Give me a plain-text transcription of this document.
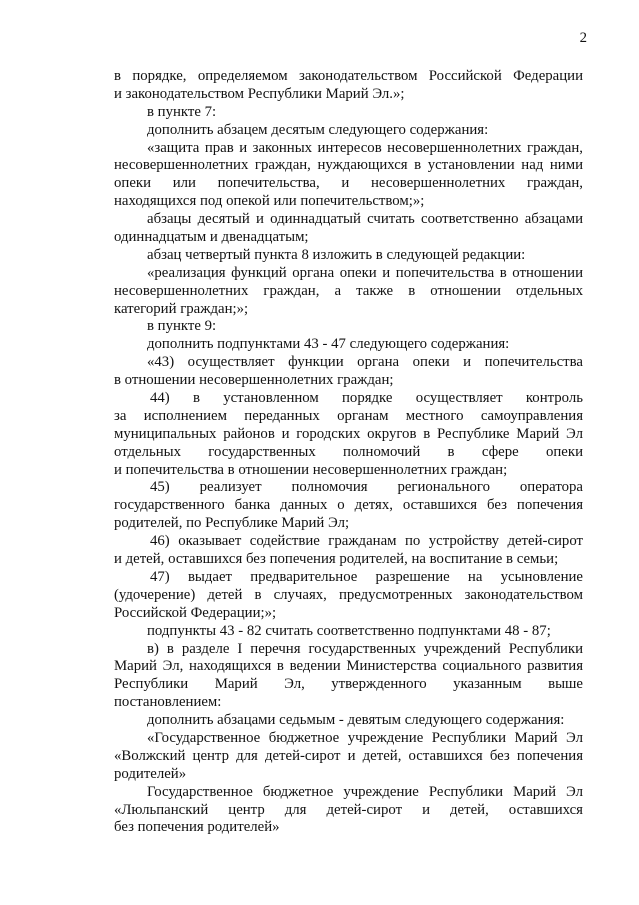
2
в порядке, определяемом законодательством Российской Федерации
и законодательством Республики Марий Эл.»;
в пункте 7:
дополнить абзацем десятым следующего содержания:
«защита прав и законных интересов несовершеннолетних граждан,
несовершеннолетних граждан, нуждающихся в установлении над ними
опеки или попечительства, и несовершеннолетних граждан,
находящихся под опекой или попечительством;»;
абзацы десятый и одиннадцатый считать соответственно абзацами
одиннадцатым и двенадцатым;
абзац четвертый пункта 8 изложить в следующей редакции:
«реализация функций органа опеки и попечительства в отношении
несовершеннолетних граждан, а также в отношении отдельных
категорий граждан;»;
в пункте 9:
дополнить подпунктами 43 - 47 следующего содержания:
«43) осуществляет функции органа опеки и попечительства
в отношении несовершеннолетних граждан;
44) в установленном порядке осуществляет контроль
за исполнением переданных органам местного самоуправления
муниципальных районов и городских округов в Республике Марий Эл
отдельных государственных полномочий в сфере опеки
и попечительства в отношении несовершеннолетних граждан;
45) реализует полномочия регионального оператора
государственного банка данных о детях, оставшихся без попечения
родителей, по Республике Марий Эл;
46) оказывает содействие гражданам по устройству детей-сирот
и детей, оставшихся без попечения родителей, на воспитание в семьи;
47) выдает предварительное разрешение на усыновление
(удочерение) детей в случаях, предусмотренных законодательством
Российской Федерации;»;
подпункты 43 - 82 считать соответственно подпунктами 48 - 87;
в) в разделе I перечня государственных учреждений Республики
Марий Эл, находящихся в ведении Министерства социального развития
Республики Марий Эл, утвержденного указанным выше
постановлением:
дополнить абзацами седьмым - девятым следующего содержания:
«Государственное бюджетное учреждение Республики Марий Эл
«Волжский центр для детей-сирот и детей, оставшихся без попечения
родителей»
Государственное бюджетное учреждение Республики Марий Эл
«Люльпанский центр для детей-сирот и детей, оставшихся
без попечения родителей»
